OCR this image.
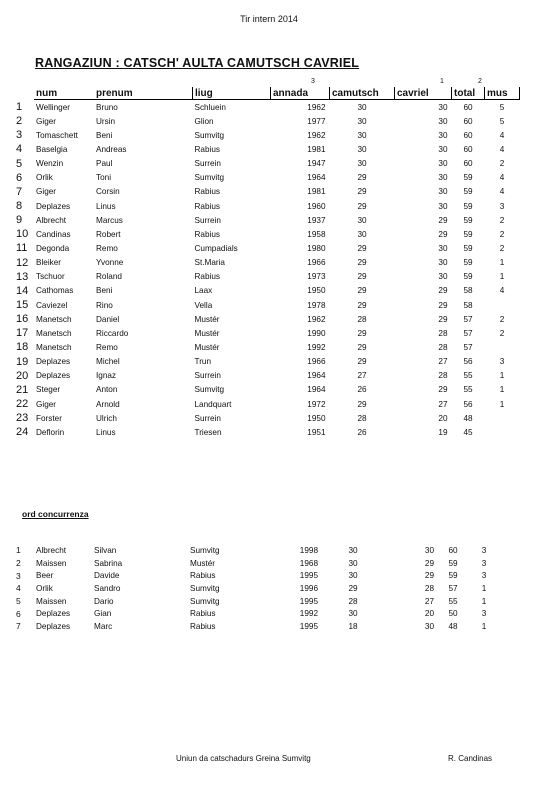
Tir intern 2014
RANGAZIUN : CATSCH' AULTA CAMUTSCH CAVRIEL
3	1	2
	num	prenum	liug	annada	camutsch	cavriel	total	mus
1	Wellinger	Bruno	Schluein	1962	30	30	60	5
2	Giger	Ursin	Glion	1977	30	30	60	5
3	Tomaschett	Beni	Sumvitg	1962	30	30	60	4
4	Baselgia	Andreas	Rabius	1981	30	30	60	4
5	Wenzin	Paul	Surrein	1947	30	30	60	2
6	Orlik	Toni	Sumvitg	1964	29	30	59	4
7	Giger	Corsin	Rabius	1981	29	30	59	4
8	Deplazes	Linus	Rabius	1960	29	30	59	3
9	Albrecht	Marcus	Surrein	1937	30	29	59	2
10	Candinas	Robert	Rabius	1958	30	29	59	2
11	Degonda	Remo	Cumpadials	1980	29	30	59	2
12	Bleiker	Yvonne	St.Maria	1966	29	30	59	1
13	Tschuor	Roland	Rabius	1973	29	30	59	1
14	Cathomas	Beni	Laax	1950	29	29	58	4
15	Caviezel	Rino	Vella	1978	29	29	58	
16	Manetsch	Daniel	Mustér	1962	28	29	57	2
17	Manetsch	Riccardo	Mustér	1990	29	28	57	2
18	Manetsch	Remo	Mustér	1992	29	28	57	
19	Deplazes	Michel	Trun	1966	29	27	56	3
20	Deplazes	Ignaz	Surrein	1964	27	28	55	1
21	Steger	Anton	Sumvitg	1964	26	29	55	1
22	Giger	Arnold	Landquart	1972	29	27	56	1
23	Forster	Ulrich	Surrein	1950	28	20	48	
24	Deflorin	Linus	Triesen	1951	26	19	45	
ord concurrenza
1	Albrecht	Silvan	Sumvitg	1998	30	30	60	3
2	Maissen	Sabrina	Mustér	1968	30	29	59	3
3	Beer	Davide	Rabius	1995	30	29	59	3
4	Orlik	Sandro	Sumvitg	1996	29	28	57	1
5	Maissen	Dario	Sumvitg	1995	28	27	55	1
6	Deplazes	Gian	Rabius	1992	30	20	50	3
7	Deplazes	Marc	Rabius	1995	18	30	48	1
Uniun da catschadurs Greina Sumvitg	R. Candinas
